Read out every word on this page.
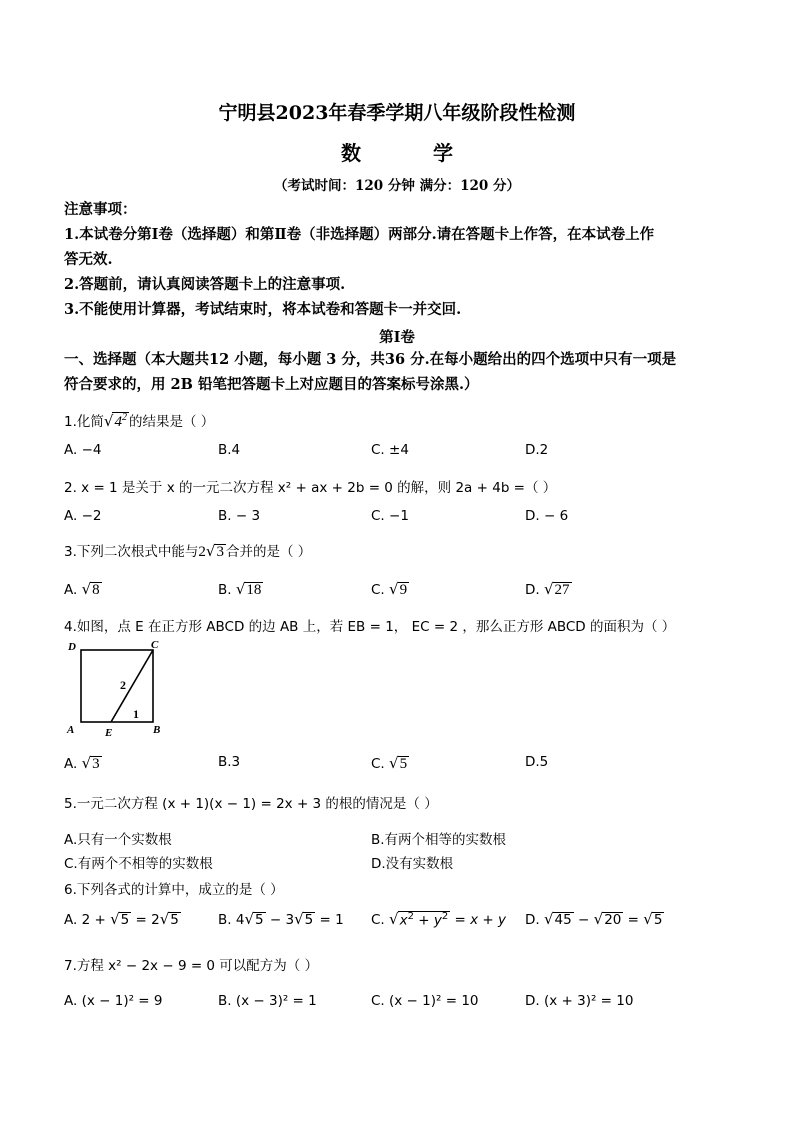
宁明县2023年春季学期八年级阶段性检测
数	学
（考试时间：120 分钟 满分：120 分）
注意事项：
1.本试卷分第Ⅰ卷（选择题）和第Ⅱ卷（非选择题）两部分.请在答题卡上作答，在本试卷上作
答无效.
2.答题前，请认真阅读答题卡上的注意事项.
3.不能使用计算器，考试结束时，将本试卷和答题卡一并交回.
第Ⅰ卷
一、选择题（本大题共12 小题，每小题 3 分，共36 分.在每小题给出的四个选项中只有一项是
符合要求的，用 2B 铅笔把答题卡上对应题目的答案标号涂黑.）
1.化简$√4^2$ 的结果是（ ）
A. −4	B.4	C. ±4	D.2
2. x = 1 是关于 x 的一元二次方程 x² + ax + 2b = 0 的解，则 2a + 4b =（ ）
A. −2	B. − 3	C. −1	D. − 6
3.下列二次根式中能与2√3 合并的是（ ）
A. √8	B. √18	C. √9	D. √27
4.如图，点 E 在正方形 ABCD 的边 AB 上，若 EB = 1， EC = 2 ，那么正方形 ABCD 的面积为（ ）
D	C
A	E	B
2
1
A. √3	B.3	C. √5	D.5
5.一元二次方程 (x + 1)(x − 1) = 2x + 3 的根的情况是（ ）
A.只有一个实数根	B.有两个相等的实数根
C.有两个不相等的实数根	D.没有实数根
6.下列各式的计算中，成立的是（ ）
A. 2 + √5 = 2√5	B. 4√5 − 3√5 = 1 C. $√x^2 + y^2 = x + y$ D. √45 − √20 = √5
7.方程 x² − 2x − 9 = 0 可以配方为（ ）
A. (x − 1)² = 9	B. (x − 3)² = 1	C. (x − 1)² = 10	D. (x + 3)² = 10
